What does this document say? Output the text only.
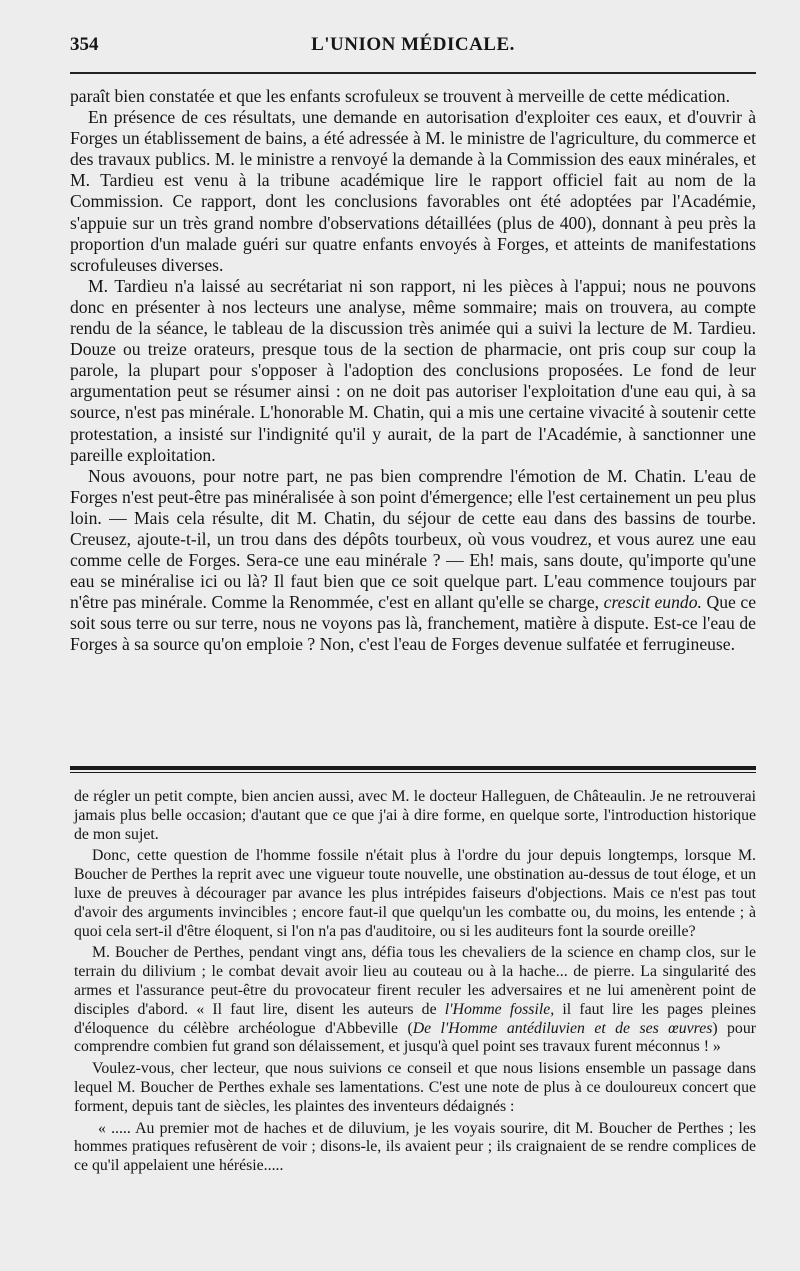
354	L'UNION MÉDICALE.

paraît bien constatée et que les enfants scrofuleux se trouvent à merveille de cette médication.

En présence de ces résultats, une demande en autorisation d'exploiter ces eaux, et d'ouvrir à Forges un établissement de bains, a été adressée à M. le ministre de l'agriculture, du commerce et des travaux publics. M. le ministre a renvoyé la demande à la Commission des eaux minérales, et M. Tardieu est venu à la tribune académique lire le rapport officiel fait au nom de la Commission. Ce rapport, dont les conclusions favorables ont été adoptées par l'Académie, s'appuie sur un très grand nombre d'observations détaillées (plus de 400), donnant à peu près la proportion d'un malade guéri sur quatre enfants envoyés à Forges, et atteints de manifestations scrofuleuses diverses.

M. Tardieu n'a laissé au secrétariat ni son rapport, ni les pièces à l'appui; nous ne pouvons donc en présenter à nos lecteurs une analyse, même sommaire; mais on trouvera, au compte rendu de la séance, le tableau de la discussion très animée qui a suivi la lecture de M. Tardieu. Douze ou treize orateurs, presque tous de la section de pharmacie, ont pris coup sur coup la parole, la plupart pour s'opposer à l'adoption des conclusions proposées. Le fond de leur argumentation peut se résumer ainsi : on ne doit pas autoriser l'exploitation d'une eau qui, à sa source, n'est pas minérale. L'honorable M. Chatin, qui a mis une certaine vivacité à soutenir cette protestation, a insisté sur l'indignité qu'il y aurait, de la part de l'Académie, à sanctionner une pareille exploitation.

Nous avouons, pour notre part, ne pas bien comprendre l'émotion de M. Chatin. L'eau de Forges n'est peut-être pas minéralisée à son point d'émergence; elle l'est certainement un peu plus loin. — Mais cela résulte, dit M. Chatin, du séjour de cette eau dans des bassins de tourbe. Creusez, ajoute-t-il, un trou dans des dépôts tourbeux, où vous voudrez, et vous aurez une eau comme celle de Forges. Sera-ce une eau minérale ? — Eh! mais, sans doute, qu'importe qu'une eau se minéralise ici ou là? Il faut bien que ce soit quelque part. L'eau commence toujours par n'être pas minérale. Comme la Renommée, c'est en allant qu'elle se charge, crescit eundo. Que ce soit sous terre ou sur terre, nous ne voyons pas là, franchement, matière à dispute. Est-ce l'eau de Forges à sa source qu'on emploie ? Non, c'est l'eau de Forges devenue sulfatée et ferrugineuse.

de régler un petit compte, bien ancien aussi, avec M. le docteur Halleguen, de Châteaulin. Je ne retrouverai jamais plus belle occasion; d'autant que ce que j'ai à dire forme, en quelque sorte, l'introduction historique de mon sujet.

Donc, cette question de l'homme fossile n'était plus à l'ordre du jour depuis longtemps, lorsque M. Boucher de Perthes la reprit avec une vigueur toute nouvelle, une obstination au-dessus de tout éloge, et un luxe de preuves à décourager par avance les plus intrépides faiseurs d'objections. Mais ce n'est pas tout d'avoir des arguments invincibles ; encore faut-il que quelqu'un les combatte ou, du moins, les entende ; à quoi cela sert-il d'être éloquent, si l'on n'a pas d'auditoire, ou si les auditeurs font la sourde oreille?

M. Boucher de Perthes, pendant vingt ans, défia tous les chevaliers de la science en champ clos, sur le terrain du dilivium ; le combat devait avoir lieu au couteau ou à la hache... de pierre. La singularité des armes et l'assurance peut-être du provocateur firent reculer les adversaires et ne lui amenèrent point de disciples d'abord. « Il faut lire, disent les auteurs de l'Homme fossile, il faut lire les pages pleines d'éloquence du célèbre archéologue d'Abbeville (De l'Homme antédiluvien et de ses œuvres) pour comprendre combien fut grand son délaissement, et jusqu'à quel point ses travaux furent méconnus ! »

Voulez-vous, cher lecteur, que nous suivions ce conseil et que nous lisions ensemble un passage dans lequel M. Boucher de Perthes exhale ses lamentations. C'est une note de plus à ce douloureux concert que forment, depuis tant de siècles, les plaintes des inventeurs dédaignés :

« ..... Au premier mot de haches et de diluvium, je les voyais sourire, dit M. Boucher de Perthes ; les hommes pratiques refusèrent de voir ; disons-le, ils avaient peur ; ils craignaient de se rendre complices de ce qu'il appelaient une hérésie.....
